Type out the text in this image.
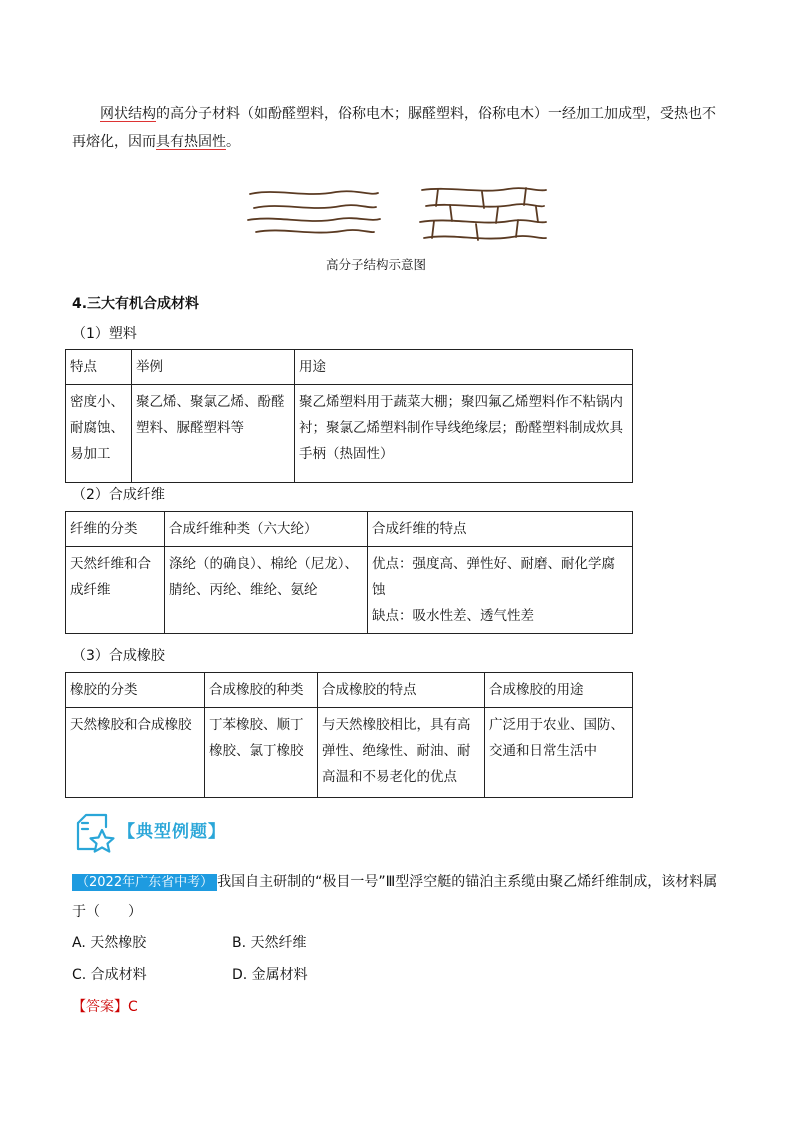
网状结构的高分子材料（如酚醛塑料，俗称电木；脲醛塑料，俗称电木）一经加工加成型，受热也不

再熔化，因而具有热固性。

高分子结构示意图

4.三大有机合成材料

（1）塑料

特点	举例	用途
密度小、耐腐蚀、易加工	聚乙烯、聚氯乙烯、酚醛塑料、脲醛塑料等	聚乙烯塑料用于蔬菜大棚；聚四氟乙烯塑料作不粘锅内衬；聚氯乙烯塑料制作导线绝缘层；酚醛塑料制成炊具手柄（热固性）

（2）合成纤维

纤维的分类	合成纤维种类（六大纶）	合成纤维的特点
天然纤维和合成纤维	涤纶（的确良）、棉纶（尼龙）、腈纶、丙纶、维纶、氨纶	优点：强度高、弹性好、耐磨、耐化学腐蚀
缺点：吸水性差、透气性差

（3）合成橡胶

橡胶的分类	合成橡胶的种类	合成橡胶的特点	合成橡胶的用途
天然橡胶和合成橡胶	丁苯橡胶、顺丁橡胶、氯丁橡胶	与天然橡胶相比，具有高弹性、绝缘性、耐油、耐高温和不易老化的优点	广泛用于农业、国防、交通和日常生活中

【典型例题】

（2022年广东省中考） 我国自主研制的“极目一号”Ⅲ型浮空艇的锚泊主系缆由聚乙烯纤维制成，该材料属

于（　　）

A. 天然橡胶	B. 天然纤维

C. 合成材料	D. 金属材料

【答案】C
